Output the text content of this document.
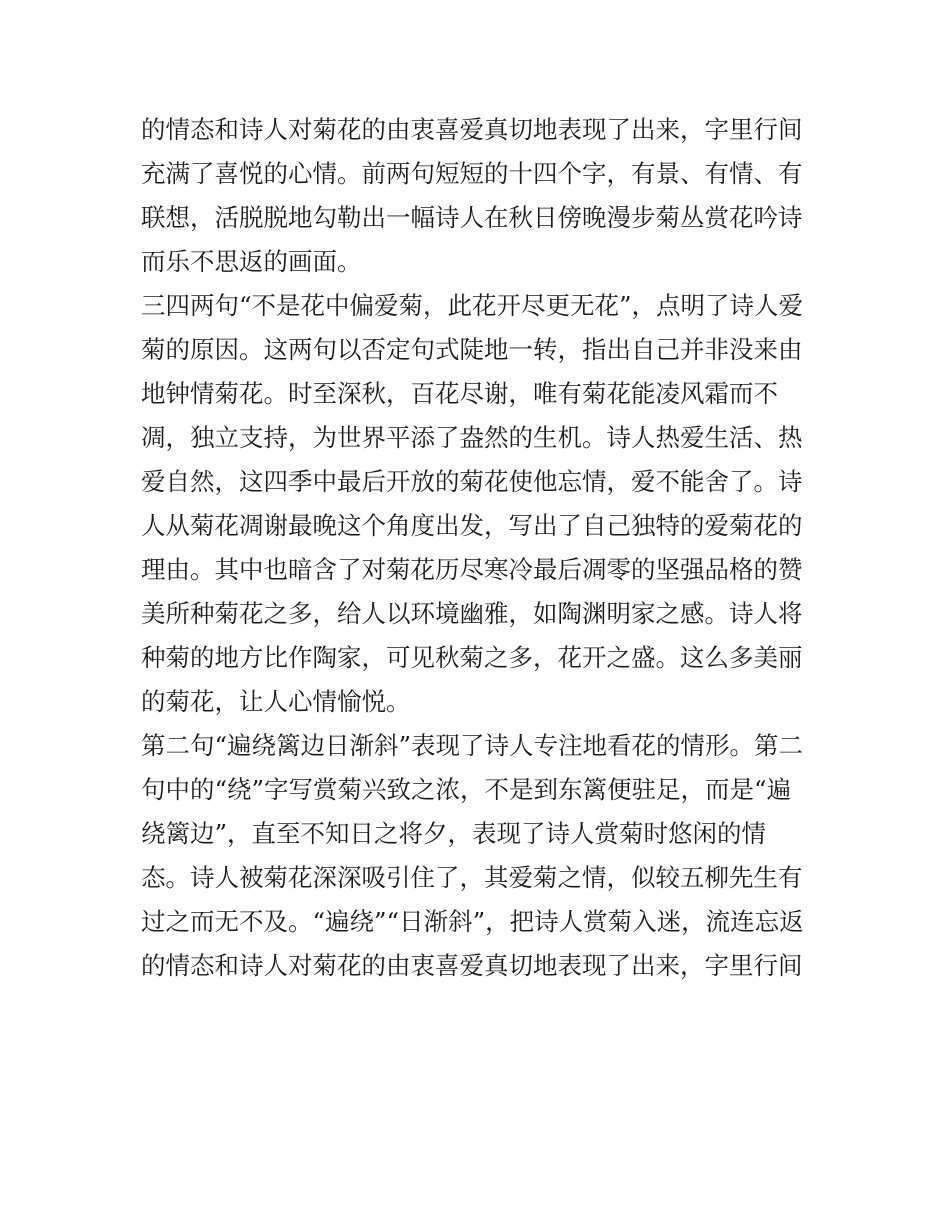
的情态和诗人对菊花的由衷喜爱真切地表现了出来，字里行间
充满了喜悦的心情。前两句短短的十四个字，有景、有情、有
联想，活脱脱地勾勒出一幅诗人在秋日傍晚漫步菊丛赏花吟诗
而乐不思返的画面。
三四两句“不是花中偏爱菊，此花开尽更无花”，点明了诗人爱
菊的原因。这两句以否定句式陡地一转，指出自己并非没来由
地钟情菊花。时至深秋，百花尽谢，唯有菊花能凌风霜而不
凋，独立支持，为世界平添了盎然的生机。诗人热爱生活、热
爱自然，这四季中最后开放的菊花使他忘情，爱不能舍了。诗
人从菊花凋谢最晚这个角度出发，写出了自己独特的爱菊花的
理由。其中也暗含了对菊花历尽寒冷最后凋零的坚强品格的赞
美所种菊花之多，给人以环境幽雅，如陶渊明家之感。诗人将
种菊的地方比作陶家，可见秋菊之多，花开之盛。这么多美丽
的菊花，让人心情愉悦。
第二句“遍绕篱边日渐斜”表现了诗人专注地看花的情形。第二
句中的“绕”字写赏菊兴致之浓，不是到东篱便驻足，而是“遍
绕篱边”，直至不知日之将夕，表现了诗人赏菊时悠闲的情
态。诗人被菊花深深吸引住了，其爱菊之情，似较五柳先生有
过之而无不及。“遍绕”“日渐斜”，把诗人赏菊入迷，流连忘返
的情态和诗人对菊花的由衷喜爱真切地表现了出来，字里行间
